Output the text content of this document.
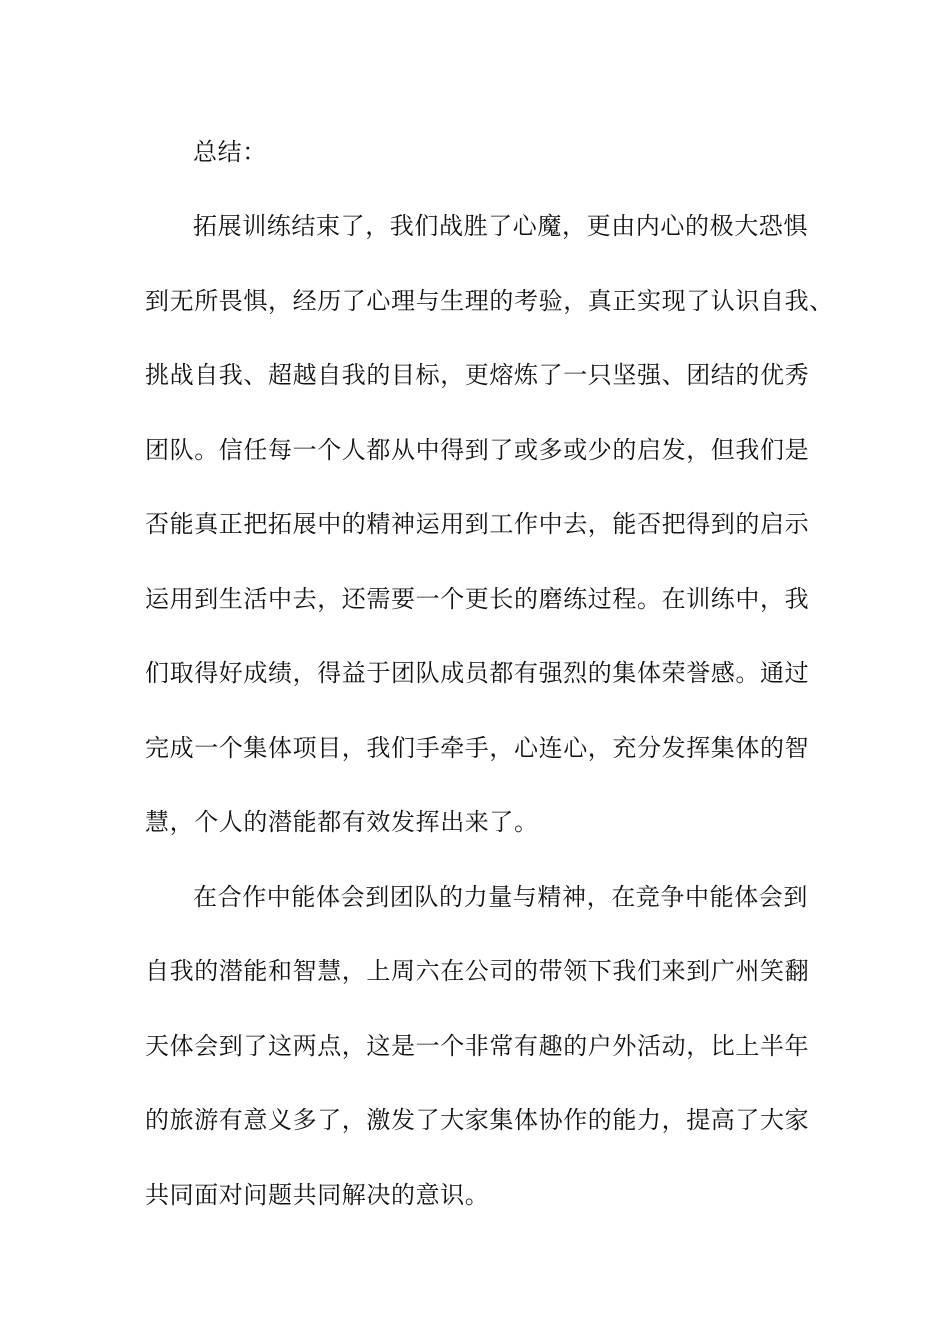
总结：

拓展训练结束了，我们战胜了心魔，更由内心的极大恐惧

到无所畏惧，经历了心理与生理的考验，真正实现了认识自我、

挑战自我、超越自我的目标，更熔炼了一只坚强、团结的优秀

团队。信任每一个人都从中得到了或多或少的启发，但我们是

否能真正把拓展中的精神运用到工作中去，能否把得到的启示

运用到生活中去，还需要一个更长的磨练过程。在训练中，我

们取得好成绩，得益于团队成员都有强烈的集体荣誉感。通过

完成一个集体项目，我们手牵手，心连心，充分发挥集体的智

慧，个人的潜能都有效发挥出来了。

在合作中能体会到团队的力量与精神，在竞争中能体会到

自我的潜能和智慧，上周六在公司的带领下我们来到广州笑翻

天体会到了这两点，这是一个非常有趣的户外活动，比上半年

的旅游有意义多了，激发了大家集体协作的能力，提高了大家

共同面对问题共同解决的意识。
